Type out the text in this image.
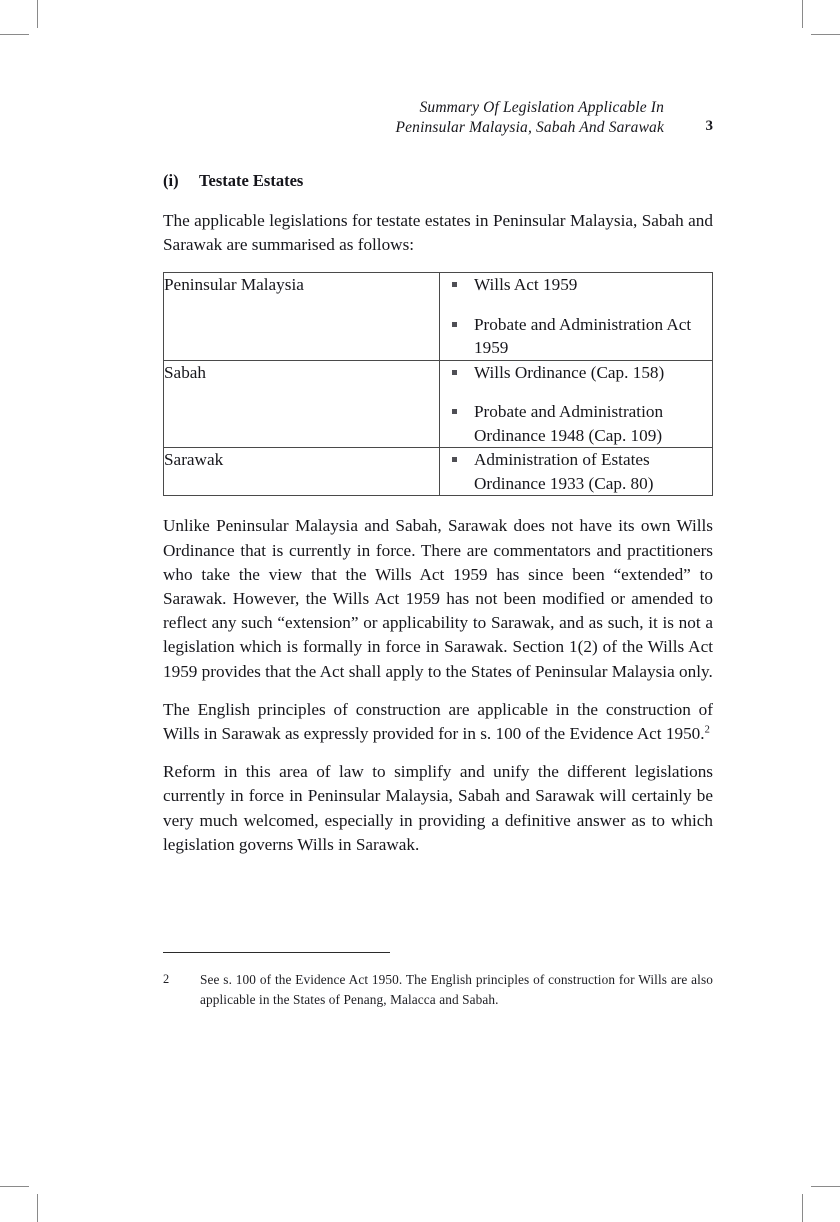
Summary Of Legislation Applicable In
Peninsular Malaysia, Sabah And Sarawak	3
(i) Testate Estates

The applicable legislations for testate estates in Peninsular Malaysia, Sabah and Sarawak are summarised as follows:

Peninsular Malaysia	Wills Act 1959
Probate and Administration Act 1959

Sabah	Wills Ordinance (Cap. 158)
Probate and Administration Ordinance 1948 (Cap. 109)

Sarawak	Administration of Estates Ordinance 1933 (Cap. 80)

Unlike Peninsular Malaysia and Sabah, Sarawak does not have its own Wills Ordinance that is currently in force. There are commentators and practitioners who take the view that the Wills Act 1959 has since been “extended” to Sarawak. However, the Wills Act 1959 has not been modified or amended to reflect any such “extension” or applicability to Sarawak, and as such, it is not a legislation which is formally in force in Sarawak. Section 1(2) of the Wills Act 1959 provides that the Act shall apply to the States of Peninsular Malaysia only.

The English principles of construction are applicable in the construction of Wills in Sarawak as expressly provided for in s. 100 of the Evidence Act 1950.$^2$

Reform in this area of law to simplify and unify the different legislations currently in force in Peninsular Malaysia, Sabah and Sarawak will certainly be very much welcomed, especially in providing a definitive answer as to which legislation governs Wills in Sarawak.

2 See s. 100 of the Evidence Act 1950. The English principles of construction for Wills are also applicable in the States of Penang, Malacca and Sabah.
